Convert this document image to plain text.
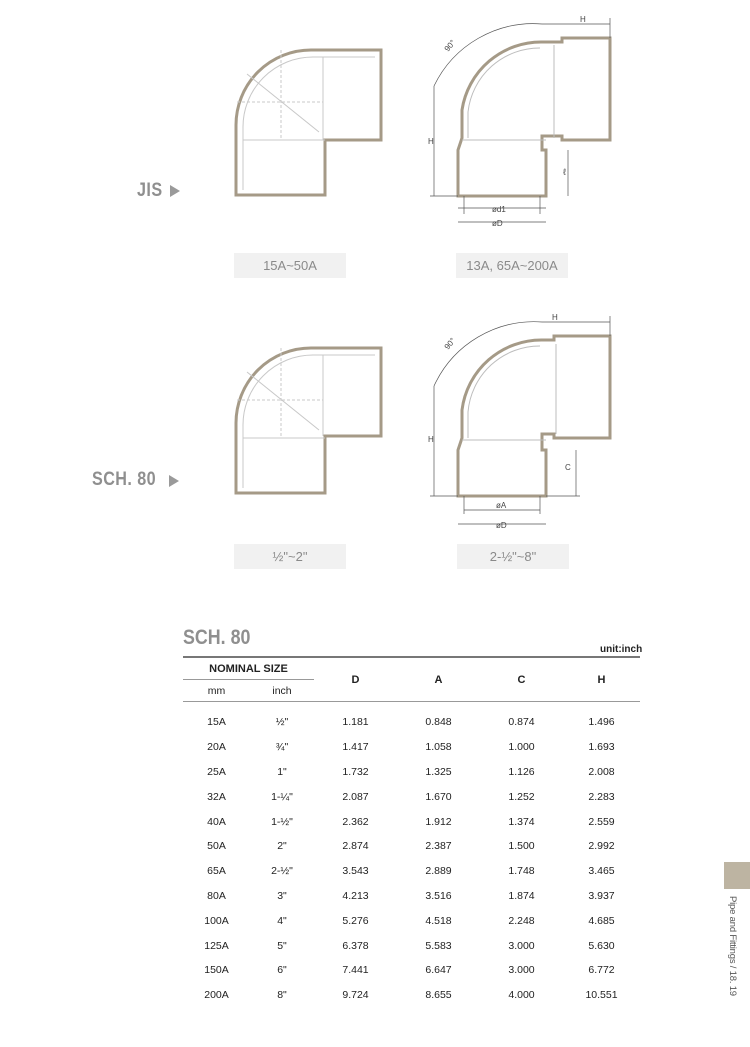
JIS
H
H
90°
ℓ
ød1
øD
15A~50A	13A, 65A~200A
SCH. 80
H
H
90°
C
øA
øD
½"~2"	2-½"~8"
SCH. 80
unit:inch
NOMINAL SIZE		D	A	C	H
mm	inch				
15A	½"	1.181	0.848	0.874	1.496
20A	¾"	1.417	1.058	1.000	1.693
25A	1"	1.732	1.325	1.126	2.008
32A	1-¼"	2.087	1.670	1.252	2.283
40A	1-½"	2.362	1.912	1.374	2.559
50A	2"	2.874	2.387	1.500	2.992
65A	2-½"	3.543	2.889	1.748	3.465
80A	3"	4.213	3.516	1.874	3.937
100A	4"	5.276	4.518	2.248	4.685
125A	5"	6.378	5.583	3.000	5.630
150A	6"	7.441	6.647	3.000	6.772
200A	8"	9.724	8.655	4.000	10.551	Pipe and Fittings / 18. 19
